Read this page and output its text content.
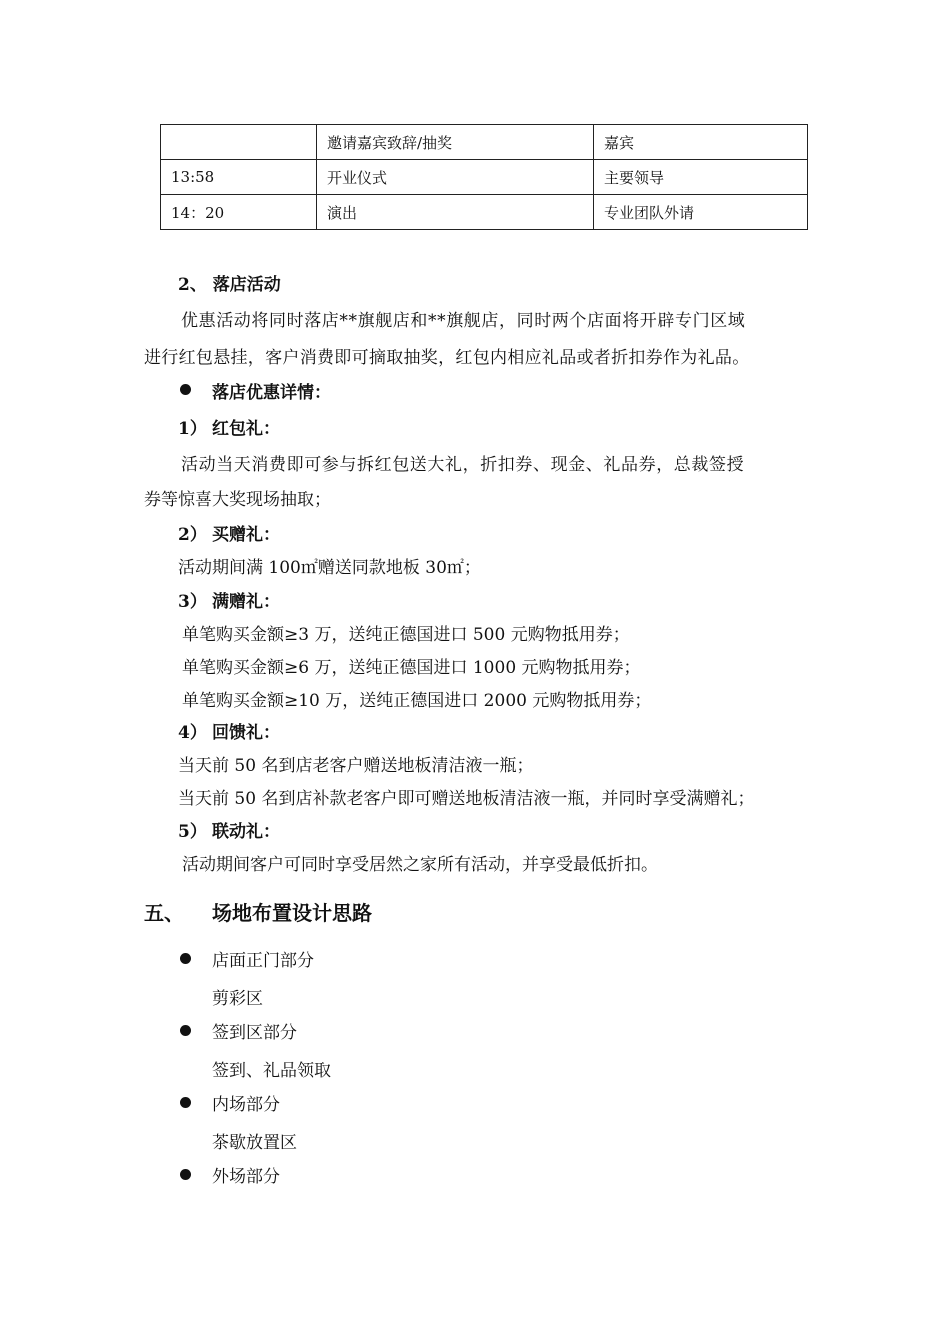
	邀请嘉宾致辞/抽奖	嘉宾
13:58	开业仪式	主要领导
14：20	演出	专业团队外请
2、 落店活动
优惠活动将同时落店**旗舰店和**旗舰店，同时两个店面将开辟专门区域
进行红包悬挂，客户消费即可摘取抽奖，红包内相应礼品或者折扣券作为礼品。
落店优惠详情：
1） 红包礼：
活动当天消费即可参与拆红包送大礼，折扣券、现金、礼品券，总裁签授
券等惊喜大奖现场抽取；
2） 买赠礼：
活动期间满 100㎡赠送同款地板 30㎡；
3） 满赠礼：
单笔购买金额≥3 万，送纯正德国进口 500 元购物抵用券；
单笔购买金额≥6 万，送纯正德国进口 1000 元购物抵用券；
单笔购买金额≥10 万，送纯正德国进口 2000 元购物抵用券；
4） 回馈礼：
当天前 50 名到店老客户赠送地板清洁液一瓶；
当天前 50 名到店补款老客户即可赠送地板清洁液一瓶，并同时享受满赠礼；
5） 联动礼：
活动期间客户可同时享受居然之家所有活动，并享受最低折扣。
五、 场地布置设计思路
店面正门部分
剪彩区
签到区部分
签到、礼品领取
内场部分
茶歇放置区
外场部分
